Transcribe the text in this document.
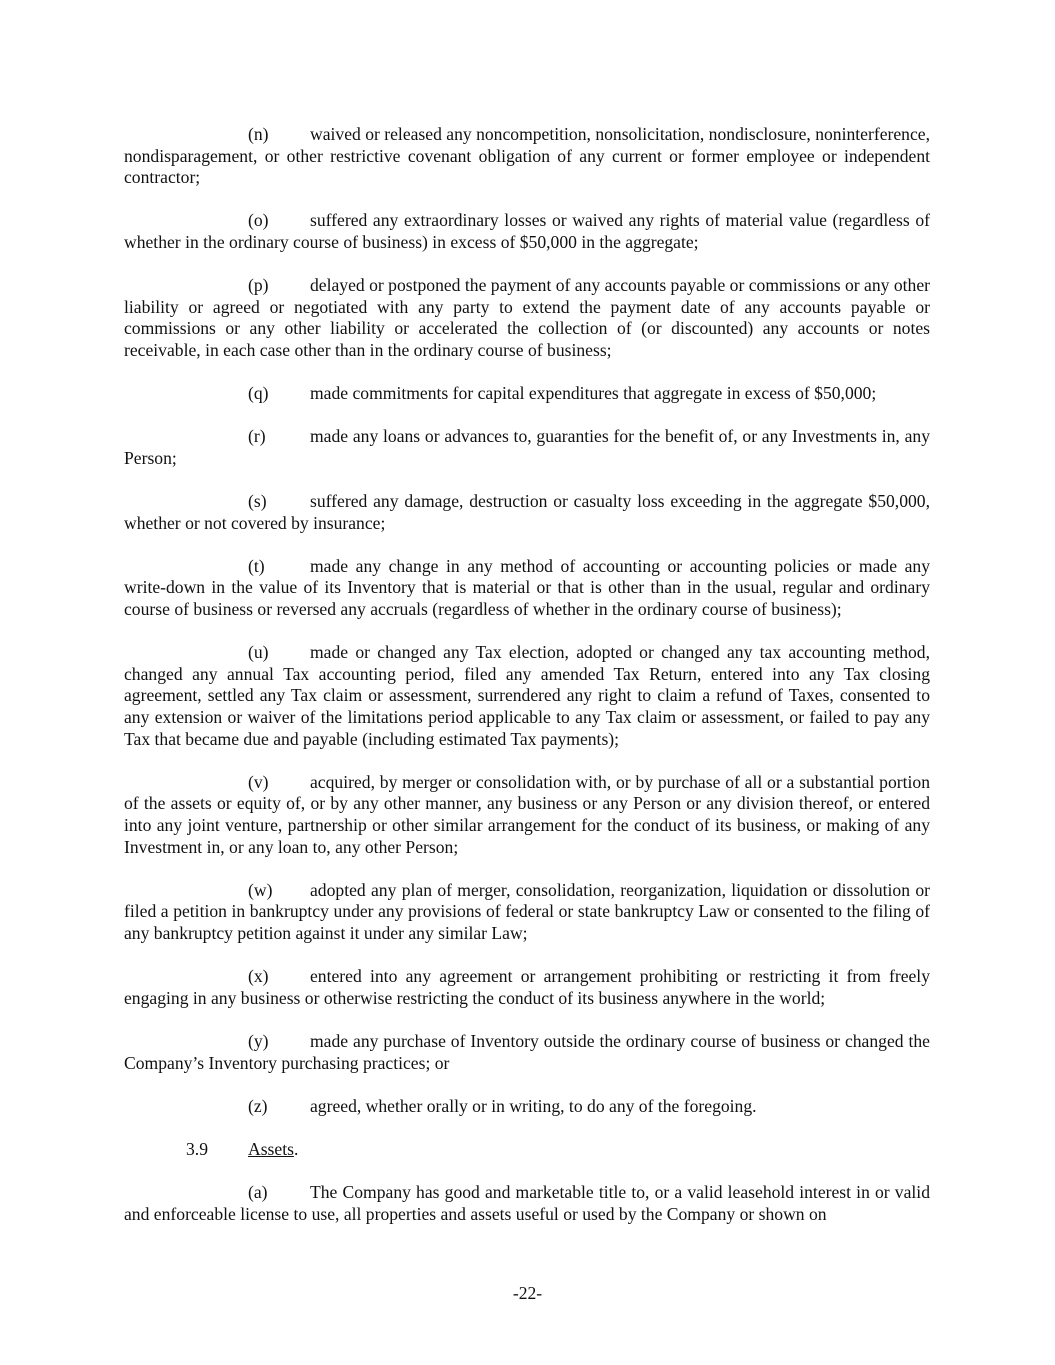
(n) waived or released any noncompetition, nonsolicitation, nondisclosure, noninterference, nondisparagement, or other restrictive covenant obligation of any current or former employee or independent contractor;

(o) suffered any extraordinary losses or waived any rights of material value (regardless of whether in the ordinary course of business) in excess of $50,000 in the aggregate;

(p) delayed or postponed the payment of any accounts payable or commissions or any other liability or agreed or negotiated with any party to extend the payment date of any accounts payable or commissions or any other liability or accelerated the collection of (or discounted) any accounts or notes receivable, in each case other than in the ordinary course of business;

(q) made commitments for capital expenditures that aggregate in excess of $50,000;

(r)	made any loans or advances to, guaranties for the benefit of, or any Investments in, any Person;

(s) suffered any damage, destruction or casualty loss exceeding in the aggregate $50,000, whether or not covered by insurance;

(t)	made any change in any method of accounting or accounting policies or made any write-down in the value of its Inventory that is material or that is other than in the usual, regular and ordinary course of business or reversed any accruals (regardless of whether in the ordinary course of business);

(u) made or changed any Tax election, adopted or changed any tax accounting method, changed any annual Tax accounting period, filed any amended Tax Return, entered into any Tax closing agreement, settled any Tax claim or assessment, surrendered any right to claim a refund of Taxes, consented to any extension or waiver of the limitations period applicable to any Tax claim or assessment, or failed to pay any Tax that became due and payable (including estimated Tax payments);

(v) acquired, by merger or consolidation with, or by purchase of all or a substantial portion of the assets or equity of, or by any other manner, any business or any Person or any division thereof, or entered into any joint venture, partnership or other similar arrangement for the conduct of its business, or making of any Investment in, or any loan to, any other Person;

(w) adopted any plan of merger, consolidation, reorganization, liquidation or dissolution or filed a petition in bankruptcy under any provisions of federal or state bankruptcy Law or consented to the filing of any bankruptcy petition against it under any similar Law;

(x) entered into any agreement or arrangement prohibiting or restricting it from freely engaging in any business or otherwise restricting the conduct of its business anywhere in the world;

(y) made any purchase of Inventory outside the ordinary course of business or changed the Company’s Inventory purchasing practices; or

(z) agreed, whether orally or in writing, to do any of the foregoing.

3.9 Assets.

(a) The Company has good and marketable title to, or a valid leasehold interest in or valid and enforceable license to use, all properties and assets useful or used by the Company or shown on

-22-
